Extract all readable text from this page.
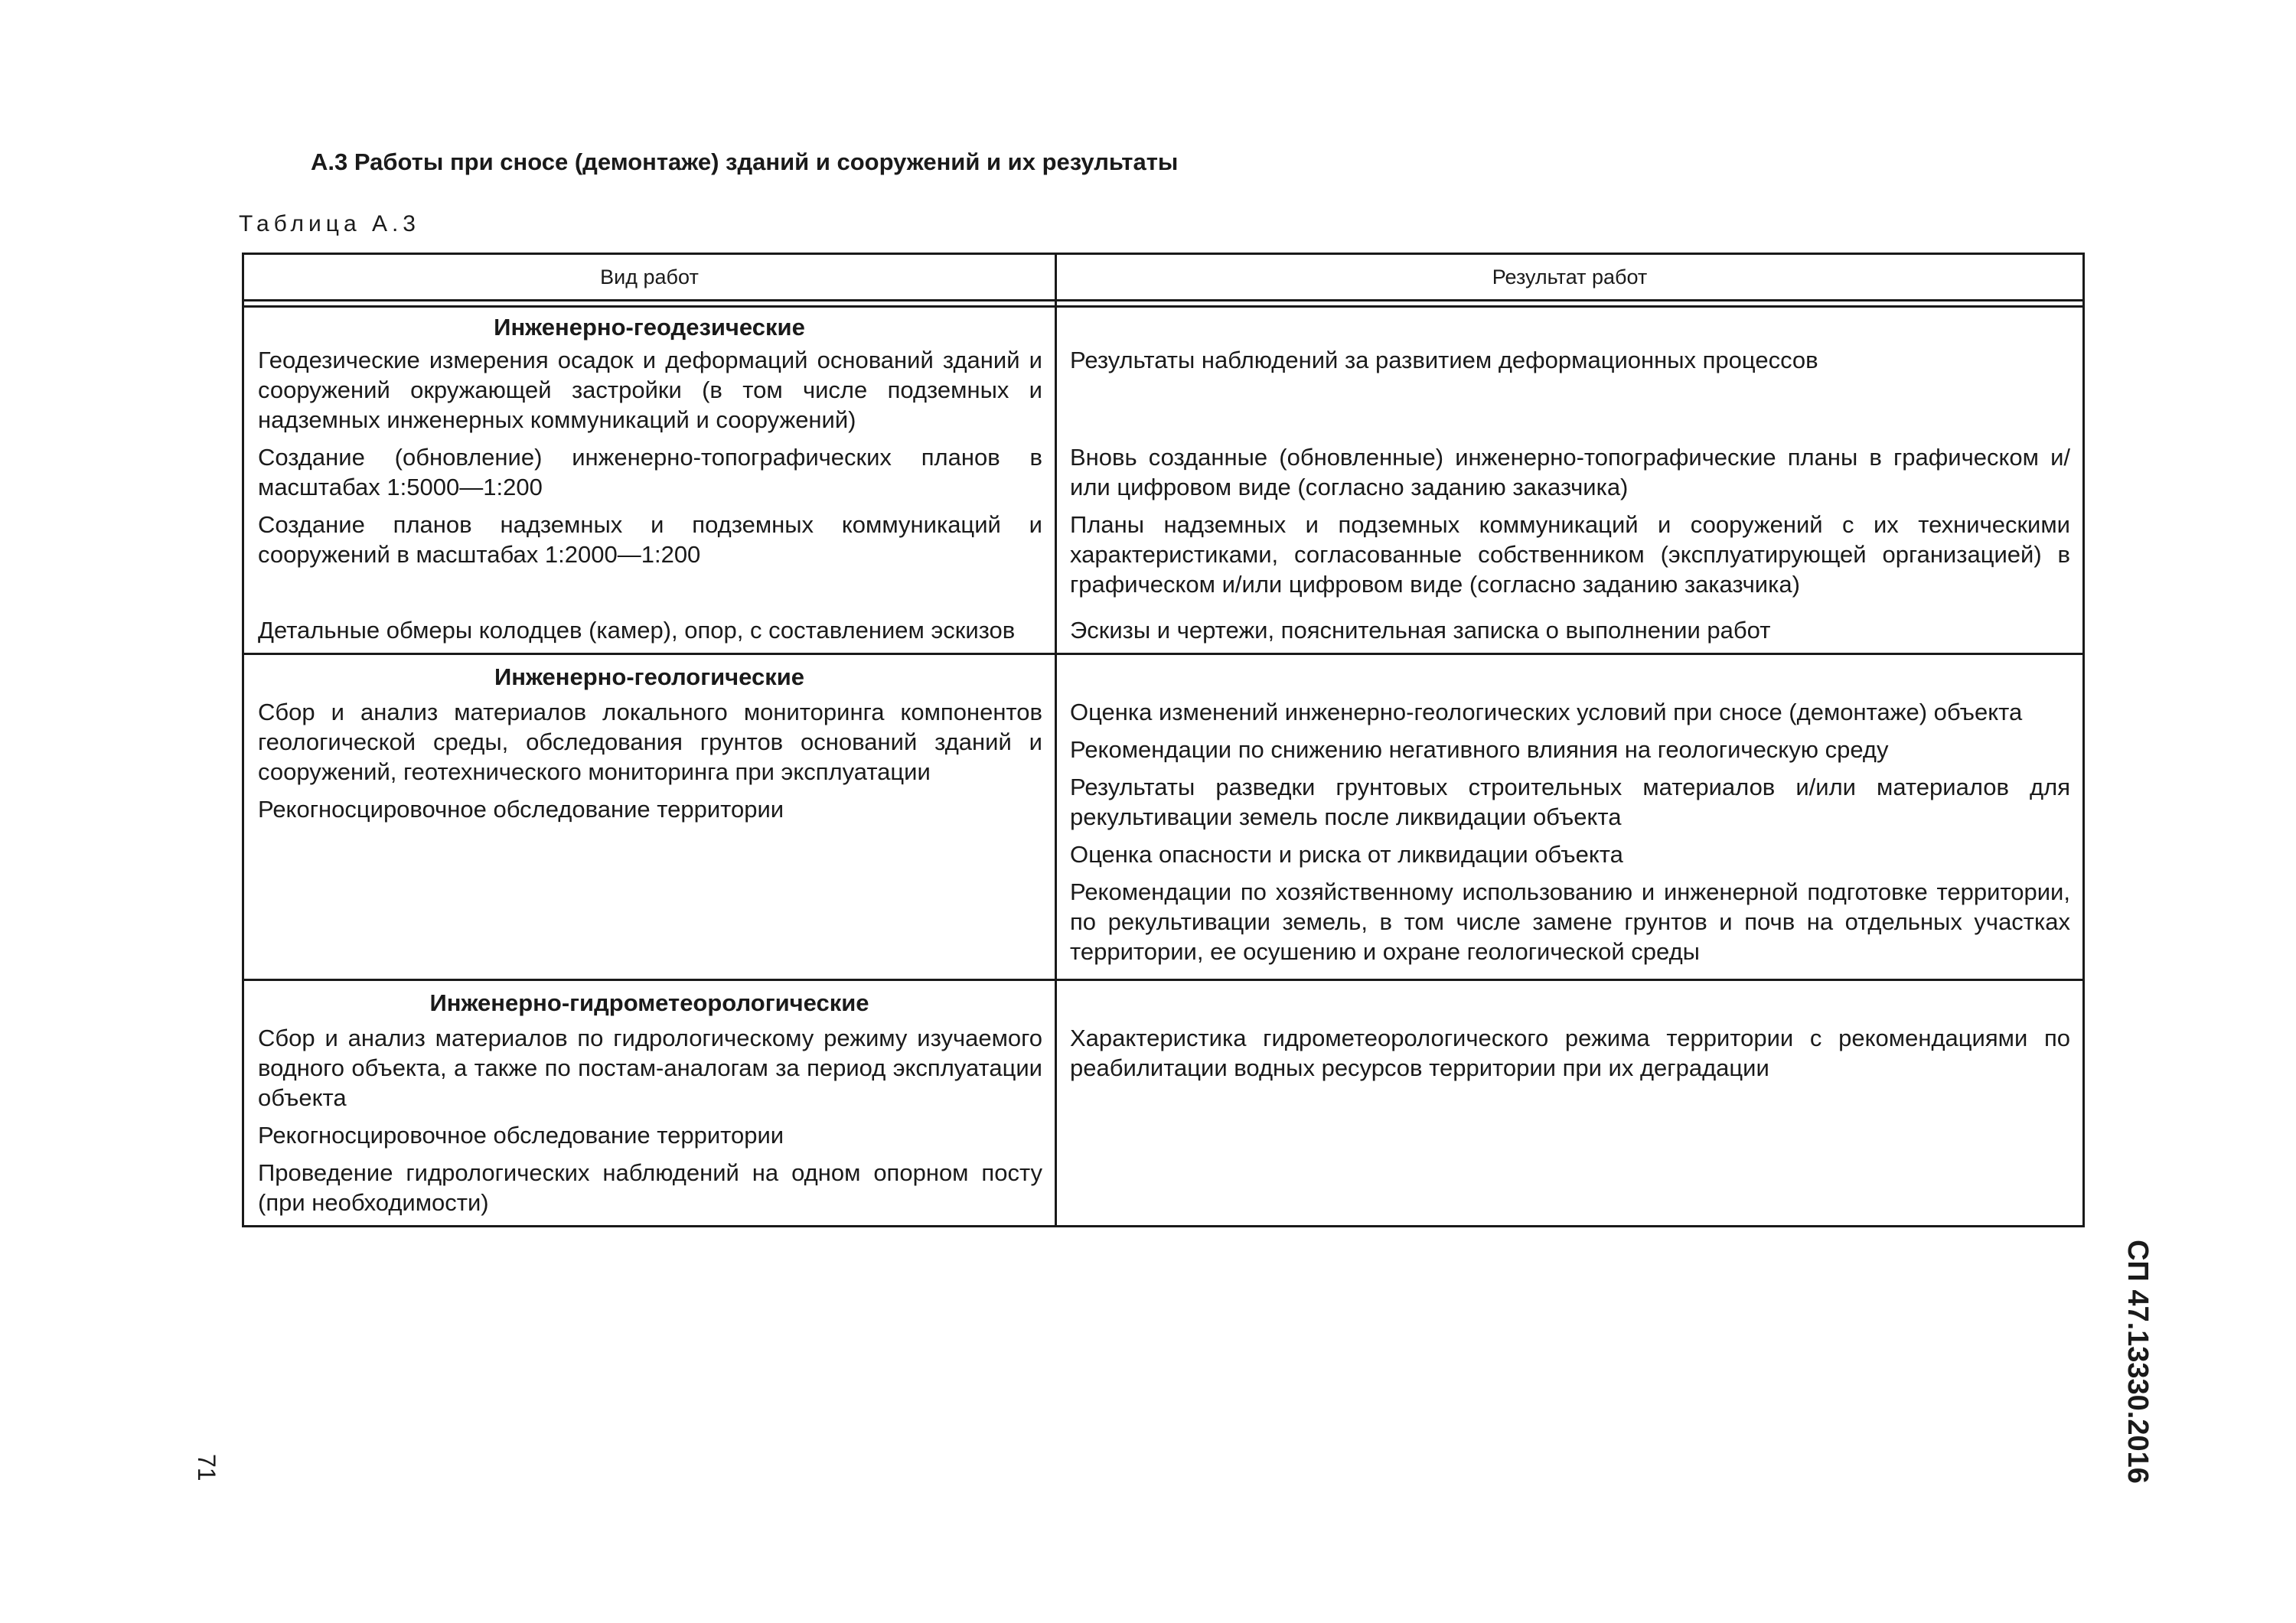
А.3 Работы при сносе (демонтаже) зданий и сооружений и их результаты
Таблица А.3
Вид работ	Результат работ
Инженерно-геодезические
Геодезические измерения осадок и деформаций оснований зданий и сооружений окружающей застройки (в том числе подземных и надземных инженерных коммуникаций и сооружений)
Создание (обновление) инженерно-топографических планов в масштабах 1:5000—1:200
Создание планов надземных и подземных коммуникаций и сооружений в масштабах 1:2000—1:200
Детальные обмеры колодцев (камер), опор, с составлением эскизов
Результаты наблюдений за развитием деформационных процессов
Вновь созданные (обновленные) инженерно-топографические планы в графическом и/или цифровом виде (согласно заданию заказчика)
Планы надземных и подземных коммуникаций и сооружений с их техническими характеристиками, согласованные собственником (эксплуатирующей организацией) в графическом и/или цифровом виде (согласно заданию заказчика)
Эскизы и чертежи, пояснительная записка о выполнении работ
Инженерно-геологические
Сбор и анализ материалов локального мониторинга компонентов геологической среды, обследования грунтов оснований зданий и сооружений, геотехнического мониторинга при эксплуатации
Рекогносцировочное обследование территории
Оценка изменений инженерно-геологических условий при сносе (демонтаже) объекта
Рекомендации по снижению негативного влияния на геологическую среду
Результаты разведки грунтовых строительных материалов и/или материалов для рекультивации земель после ликвидации объекта
Оценка опасности и риска от ликвидации объекта
Рекомендации по хозяйственному использованию и инженерной подготовке территории, по рекультивации земель, в том числе замене грунтов и почв на отдельных участках территории, ее осушению и охране геологической среды
Инженерно-гидрометеорологические
Сбор и анализ материалов по гидрологическому режиму изучаемого водного объекта, а также по постам-аналогам за период эксплуатации объекта
Рекогносцировочное обследование территории
Проведение гидрологических наблюдений на одном опорном посту (при необходимости)
Характеристика гидрометеорологического режима территории с рекомендациями по реабилитации водных ресурсов территории при их деградации
СП 47.13330.2016
71
